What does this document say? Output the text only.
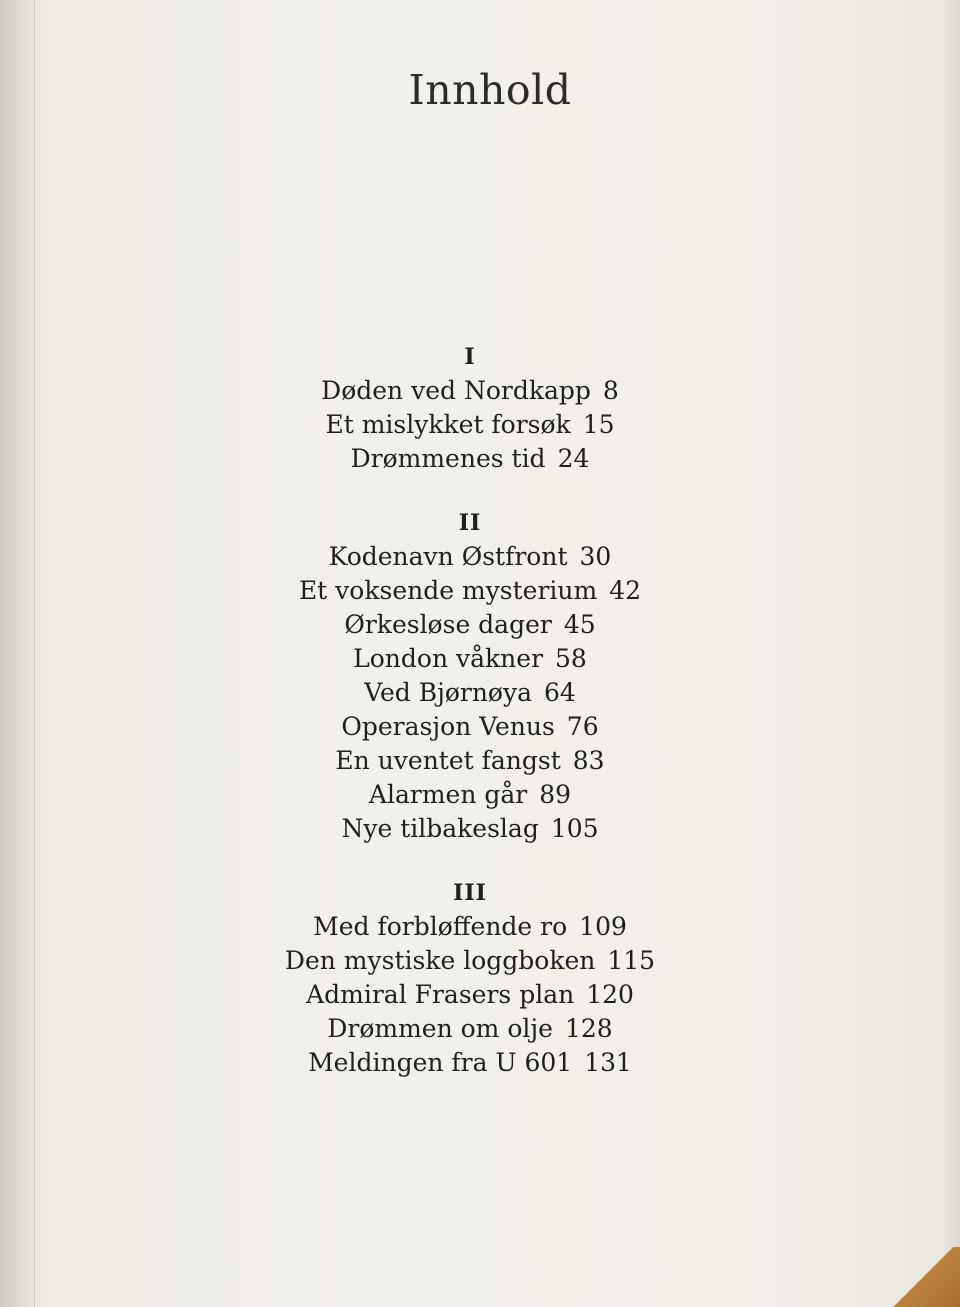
Innhold
I
Døden ved Nordkapp 8
Et mislykket forsøk 15
Drømmenes tid 24
II
Kodenavn Østfront 30
Et voksende mysterium 42
Ørkesløse dager 45
London våkner 58
Ved Bjørnøya 64
Operasjon Venus 76
En uventet fangst 83
Alarmen går 89
Nye tilbakeslag 105
III
Med forbløffende ro 109
Den mystiske loggboken 115
Admiral Frasers plan 120
Drømmen om olje 128
Meldingen fra U 601 131
